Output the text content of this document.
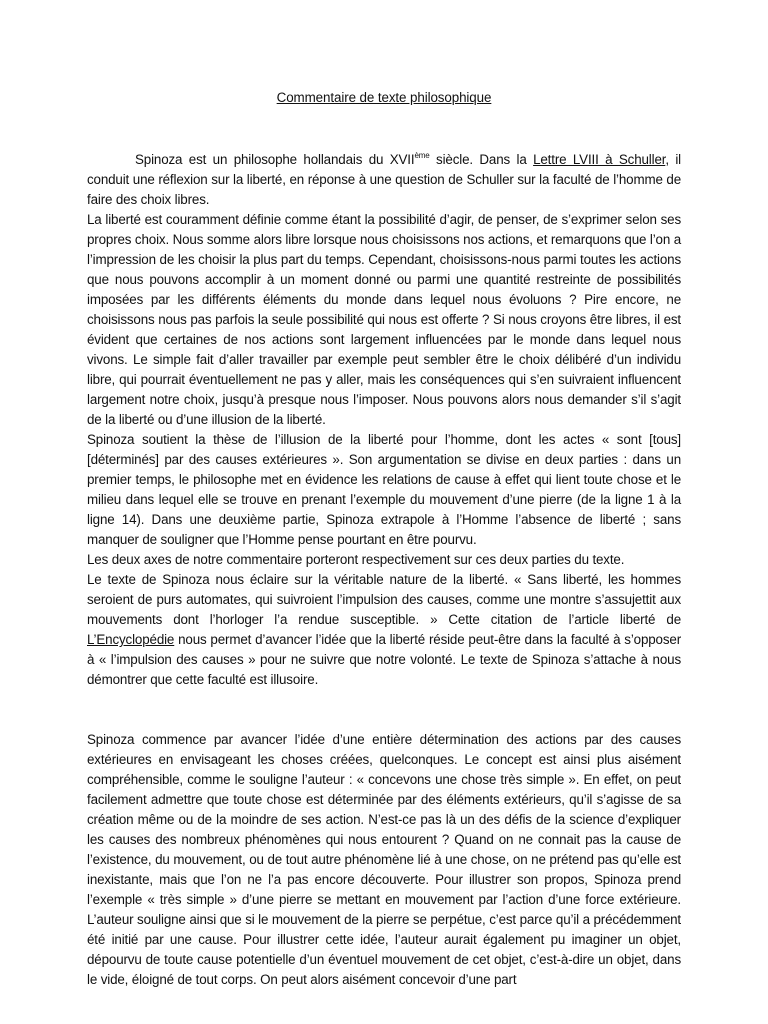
Commentaire de texte philosophique

Spinoza est un philosophe hollandais du XVIIème siècle. Dans la Lettre LVIII à Schuller, il conduit une réflexion sur la liberté, en réponse à une question de Schuller sur la faculté de l’homme de faire des choix libres.

La liberté est couramment définie comme étant la possibilité d’agir, de penser, de s’exprimer selon ses propres choix. Nous somme alors libre lorsque nous choisissons nos actions, et remarquons que l’on a l’impression de les choisir la plus part du temps. Cependant, choisissons-nous parmi toutes les actions que nous pouvons accomplir à un moment donné ou parmi une quantité restreinte de possibilités imposées par les différents éléments du monde dans lequel nous évoluons ? Pire encore, ne choisissons nous pas parfois la seule possibilité qui nous est offerte ? Si nous croyons être libres, il est évident que certaines de nos actions sont largement influencées par le monde dans lequel nous vivons. Le simple fait d’aller travailler par exemple peut sembler être le choix délibéré d’un individu libre, qui pourrait éventuellement ne pas y aller, mais les conséquences qui s’en suivraient influencent largement notre choix, jusqu’à presque nous l’imposer. Nous pouvons alors nous demander s’il s’agit de la liberté ou d’une illusion de la liberté.

Spinoza soutient la thèse de l’illusion de la liberté pour l’homme, dont les actes « sont [tous] [déterminés] par des causes extérieures ». Son argumentation se divise en deux parties : dans un premier temps, le philosophe met en évidence les relations de cause à effet qui lient toute chose et le milieu dans lequel elle se trouve en prenant l’exemple du mouvement d’une pierre (de la ligne 1 à la ligne 14). Dans une deuxième partie, Spinoza extrapole à l’Homme l’absence de liberté ; sans manquer de souligner que l’Homme pense pourtant en être pourvu.

Les deux axes de notre commentaire porteront respectivement sur ces deux parties du texte.

Le texte de Spinoza nous éclaire sur la véritable nature de la liberté. « Sans liberté, les hommes seroient de purs automates, qui suivroient l’impulsion des causes, comme une montre s’assujettit aux mouvements dont l’horloger l’a rendue susceptible. » Cette citation de l’article liberté de L’Encyclopédie nous permet d’avancer l’idée que la liberté réside peut-être dans la faculté à s’opposer à « l’impulsion des causes » pour ne suivre que notre volonté. Le texte de Spinoza s’attache à nous démontrer que cette faculté est illusoire.

Spinoza commence par avancer l’idée d’une entière détermination des actions par des causes extérieures en envisageant les choses créées, quelconques. Le concept est ainsi plus aisément compréhensible, comme le souligne l’auteur : « concevons une chose très simple ». En effet, on peut facilement admettre que toute chose est déterminée par des éléments extérieurs, qu’il s’agisse de sa création même ou de la moindre de ses action. N’est-ce pas là un des défis de la science d’expliquer les causes des nombreux phénomènes qui nous entourent ? Quand on ne connait pas la cause de l’existence, du mouvement, ou de tout autre phénomène lié à une chose, on ne prétend pas qu’elle est inexistante, mais que l’on ne l’a pas encore découverte. Pour illustrer son propos, Spinoza prend l’exemple « très simple » d’une pierre se mettant en mouvement par l’action d’une force extérieure. L’auteur souligne ainsi que si le mouvement de la pierre se perpétue, c’est parce qu’il a précédemment été initié par une cause. Pour illustrer cette idée, l’auteur aurait également pu imaginer un objet, dépourvu de toute cause potentielle d’un éventuel mouvement de cet objet, c’est-à-dire un objet, dans le vide, éloigné de tout corps. On peut alors aisément concevoir d’une part
